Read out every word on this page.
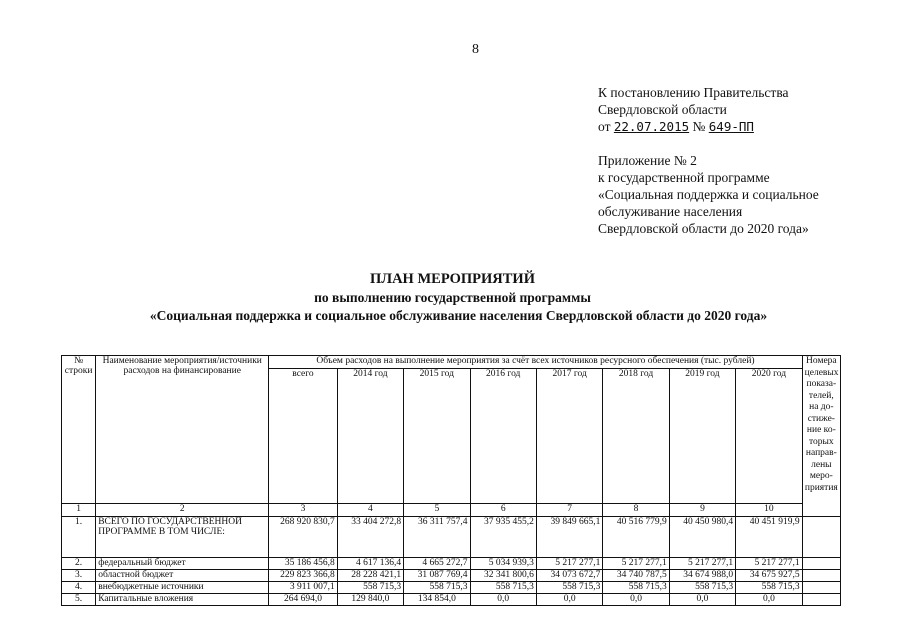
8
К постановлению Правительства
Свердловской области
от 22.07.2015 № 649-ПП
Приложение № 2
к государственной программе
«Социальная поддержка и социальное
обслуживание населения
Свердловской области до 2020 года»
ПЛАН МЕРОПРИЯТИЙ
по выполнению государственной программы
«Социальная поддержка и социальное обслуживание населения Свердловской области до 2020 года»
№ строки	Наименование мероприятия/источники расходов на финансирование	Объем расходов на выполнение мероприятия за счёт всех источников ресурсного обеспечения (тыс. рублей)								Номера целевых показа-телей, на до-стиже-ние ко-торых направ-лены меро-приятия
		всего	2014 год	2015 год	2016 год	2017 год	2018 год	2019 год	2020 год	
1	2	3	4	5	6	7	8	9	10	
1.	ВСЕГО ПО ГОСУДАРСТВЕННОЙ ПРОГРАММЕ В ТОМ ЧИСЛЕ:	268 920 830,7	33 404 272,8	36 311 757,4	37 935 455,2	39 849 665,1	40 516 779,9	40 450 980,4	40 451 919,9	
2.	федеральный бюджет	35 186 456,8	4 617 136,4	4 665 272,7	5 034 939,3	5 217 277,1	5 217 277,1	5 217 277,1	5 217 277,1	
3.	областной бюджет	229 823 366,8	28 228 421,1	31 087 769,4	32 341 800,6	34 073 672,7	34 740 787,5	34 674 988,0	34 675 927,5	
4.	внебюджетные источники	3 911 007,1	558 715,3	558 715,3	558 715,3	558 715,3	558 715,3	558 715,3	558 715,3	
5.	Капитальные вложения	264 694,0	129 840,0	134 854,0	0,0	0,0	0,0	0,0	0,0	
